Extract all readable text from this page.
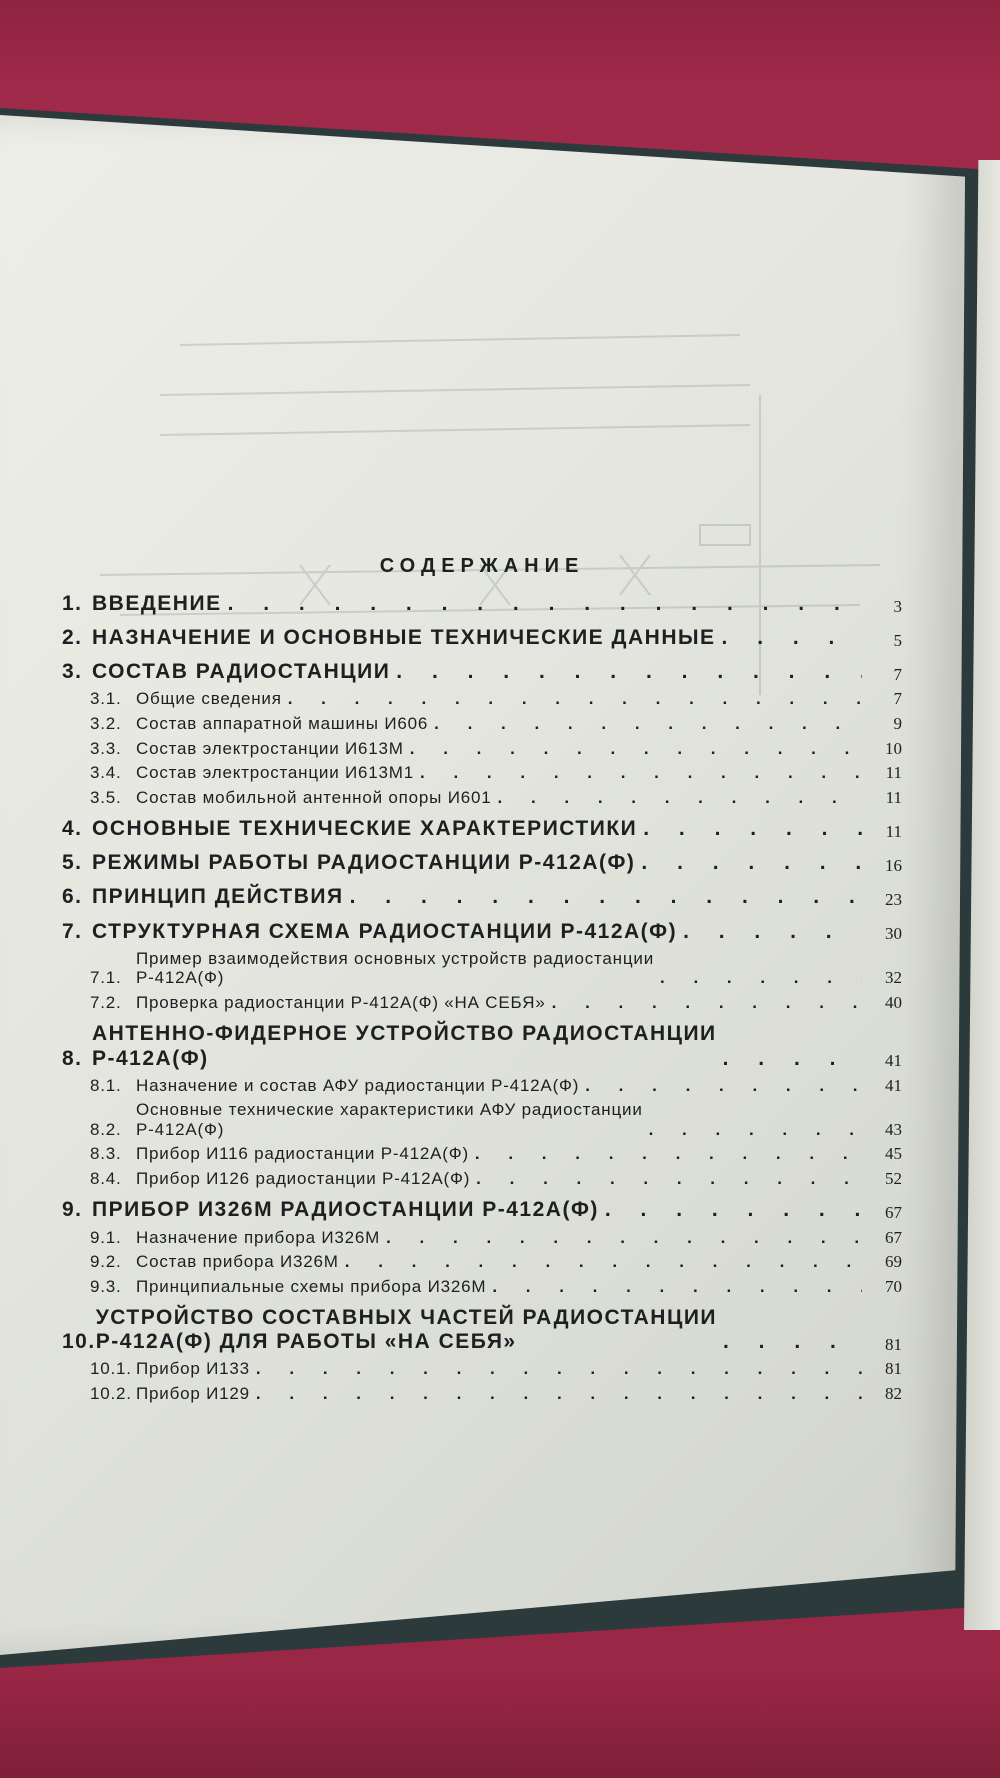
СОДЕРЖАНИЕ
1. ВВЕДЕНИЕ . . .	3
2. НАЗНАЧЕНИЕ И ОСНОВНЫЕ ТЕХНИЧЕСКИЕ ДАННЫЕ . . .	5
3. СОСТАВ РАДИОСТАНЦИИ . . .	7
3.1. Общие сведения . . .	7
3.2. Состав аппаратной машины И606 . . .	9
3.3. Состав электростанции И613М . . .	10
3.4. Состав электростанции И613М1 . . .	11
3.5. Состав мобильной антенной опоры И601 . . .	11
4. ОСНОВНЫЕ ТЕХНИЧЕСКИЕ ХАРАКТЕРИСТИКИ . . .	11
5. РЕЖИМЫ РАБОТЫ РАДИОСТАНЦИИ Р-412А(Ф) . . .	16
6. ПРИНЦИП ДЕЙСТВИЯ . . .	23
7. СТРУКТУРНАЯ СХЕМА РАДИОСТАНЦИИ Р-412А(Ф) . . .	30
7.1.
Пример взаимодействия основных устройств радиостанции
Р-412А(Ф) . . .	32
7.2. Проверка радиостанции Р-412А(Ф) «НА СЕБЯ» . . .	40
8.
АНТЕННО-ФИДЕРНОЕ УСТРОЙСТВО РАДИОСТАНЦИИ
Р-412А(Ф) . . .	41
8.1. Назначение и состав АФУ радиостанции Р-412А(Ф) . . .	41
8.2.
Основные технические характеристики АФУ радиостанции
Р-412А(Ф) . . .	43
8.3. Прибор И116 радиостанции Р-412А(Ф) . . .	45
8.4. Прибор И126 радиостанции Р-412А(Ф) . . .	52
9. ПРИБОР И326М РАДИОСТАНЦИИ Р-412А(Ф) . . .	67
9.1. Назначение прибора И326М . . .	67
9.2. Состав прибора И326М . . .	69
9.3. Принципиальные схемы прибора И326М . . .	70
10.
УСТРОЙСТВО СОСТАВНЫХ ЧАСТЕЙ РАДИОСТАНЦИИ
Р-412А(Ф) ДЛЯ РАБОТЫ «НА СЕБЯ» . . .	81
10.1. Прибор И133 . . .	81
10.2. Прибор И129 . . .	82
